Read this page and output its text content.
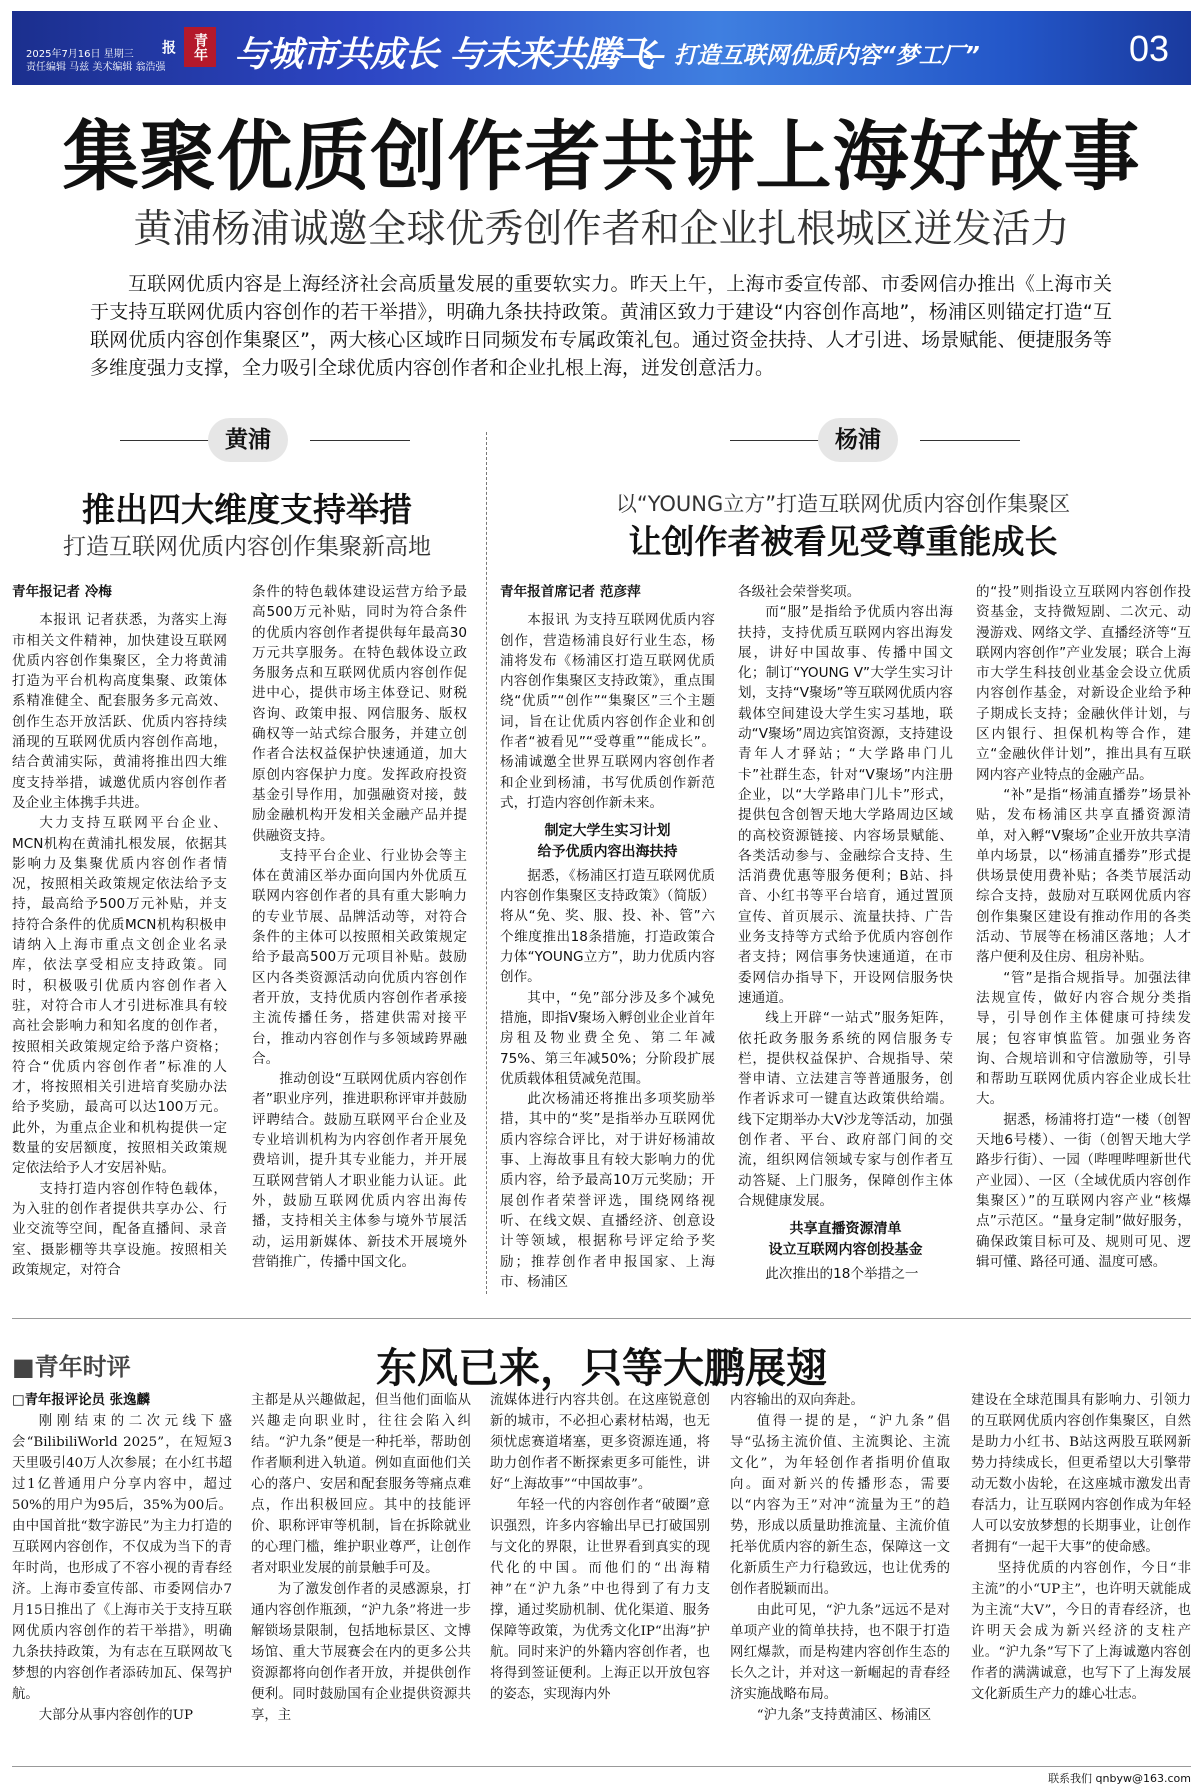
2025年7月16日 星期三
责任编辑 马兹 美术编辑 翁浩强
青年报	与城市共成长 与未来共腾飞
—— 打造互联网优质内容“梦工厂”	03
集聚优质创作者共讲上海好故事
黄浦杨浦诚邀全球优秀创作者和企业扎根城区迸发活力
互联网优质内容是上海经济社会高质量发展的重要软实力。昨天上午，上海市委宣传部、市委网信办推出《上海市关于支持互联网优质内容创作的若干举措》，明确九条扶持政策。黄浦区致力于建设“内容创作高地”，杨浦区则锚定打造“互联网优质内容创作集聚区”，两大核心区域昨日同频发布专属政策礼包。通过资金扶持、人才引进、场景赋能、便捷服务等多维度强力支撑，全力吸引全球优质内容创作者和企业扎根上海，迸发创意活力。
黄浦
推出四大维度支持举措
打造互联网优质内容创作集聚新高地
杨浦
以“YOUNG立方”打造互联网优质内容创作集聚区
让创作者被看见受尊重能成长

青年报记者 冷梅

本报讯 记者获悉，为落实上海市相关文件精神，加快建设互联网优质内容创作集聚区，全力将黄浦打造为平台机构高度集聚、政策体系精准健全、配套服务多元高效、创作生态开放活跃、优质内容持续涌现的互联网优质内容创作高地，结合黄浦实际，黄浦将推出四大维度支持举措，诚邀优质内容创作者及企业主体携手共进。

大力支持互联网平台企业、MCN机构在黄浦扎根发展，依据其影响力及集聚优质内容创作者情况，按照相关政策规定依法给予支持，最高给予500万元补贴，并支持符合条件的优质MCN机构积极申请纳入上海市重点文创企业名录库，依法享受相应支持政策。同时，积极吸引优质内容创作者入驻，对符合市人才引进标准具有较高社会影响力和知名度的创作者，按照相关政策规定给予落户资格；符合“优质内容创作者”标准的人才，将按照相关引进培育奖励办法给予奖励，最高可以达100万元。此外，为重点企业和机构提供一定数量的安居额度，按照相关政策规定依法给予人才安居补贴。

支持打造内容创作特色载体，为入驻的创作者提供共享办公、行业交流等空间，配备直播间、录音室、摄影棚等共享设施。按照相关政策规定，对符合

条件的特色载体建设运营方给予最高500万元补贴，同时为符合条件的优质内容创作者提供每年最高30万元共享服务。在特色载体设立政务服务点和互联网优质内容创作促进中心，提供市场主体登记、财税咨询、政策申报、网信服务、版权确权等一站式综合服务，并建立创作者合法权益保护快速通道，加大原创内容保护力度。发挥政府投资基金引导作用，加强融资对接，鼓励金融机构开发相关金融产品并提供融资支持。

支持平台企业、行业协会等主体在黄浦区举办面向国内外优质互联网内容创作者的具有重大影响力的专业节展、品牌活动等，对符合条件的主体可以按照相关政策规定给予最高500万元项目补贴。鼓励区内各类资源活动向优质内容创作者开放，支持优质内容创作者承接主流传播任务，搭建供需对接平台，推动内容创作与多领域跨界融合。

推动创设“互联网优质内容创作者”职业序列，推进职称评审并鼓励评聘结合。鼓励互联网平台企业及专业培训机构为内容创作者开展免费培训，提升其专业能力，并开展互联网营销人才职业能力认证。此外，鼓励互联网优质内容出海传播，支持相关主体参与境外节展活动，运用新媒体、新技术开展境外营销推广，传播中国文化。

青年报首席记者 范彦萍

本报讯 为支持互联网优质内容创作，营造杨浦良好行业生态，杨浦将发布《杨浦区打造互联网优质内容创作集聚区支持政策》，重点围绕“优质”“创作”“集聚区”三个主题词，旨在让优质内容创作企业和创作者“被看见”“受尊重”“能成长”。杨浦诚邀全世界互联网内容创作者和企业到杨浦，书写优质创作新范式，打造内容创作新未来。

制定大学生实习计划
给予优质内容出海扶持

据悉，《杨浦区打造互联网优质内容创作集聚区支持政策》（简版）将从“免、奖、服、投、补、管”六个维度推出18条措施，打造政策合力体“YOUNG立方”，助力优质内容创作。

其中，“免”部分涉及多个减免措施，即指V聚场入孵创业企业首年房租及物业费全免、第二年减75%、第三年减50%；分阶段扩展优质载体租赁减免范围。

此次杨浦还将推出多项奖励举措，其中的“奖”是指举办互联网优质内容综合评比，对于讲好杨浦故事、上海故事且有较大影响力的优质内容，给予最高10万元奖励；开展创作者荣誉评选，围绕网络视听、在线文娱、直播经济、创意设计等领域，根据称号评定给予奖励；推荐创作者申报国家、上海市、杨浦区

各级社会荣誉奖项。

而“服”是指给予优质内容出海扶持，支持优质互联网内容出海发展，讲好中国故事、传播中国文化；制订“YOUNG V”大学生实习计划，支持“V聚场”等互联网优质内容载体空间建设大学生实习基地，联动“V聚场”周边宾馆资源，支持建设青年人才驿站；“大学路串门儿卡”社群生态，针对“V聚场”内注册企业，以“大学路串门儿卡”形式，提供包含创智天地大学路周边区域的高校资源链接、内容场景赋能、各类活动参与、金融综合支持、生活消费优惠等服务便利；B站、抖音、小红书等平台培育，通过置顶宣传、首页展示、流量扶持、广告业务支持等方式给予优质内容创作者支持；网信事务快速通道，在市委网信办指导下，开设网信服务快速通道。

线上开辟“一站式”服务矩阵，依托政务服务系统的网信服务专栏，提供权益保护、合规指导、荣誉申请、立法建言等普通服务，创作者诉求可一键直达政策供给端。线下定期举办大V沙龙等活动，加强创作者、平台、政府部门间的交流，组织网信领域专家与创作者互动答疑、上门服务，保障创作主体合规健康发展。

共享直播资源清单
设立互联网内容创投基金

此次推出的18个举措之一

的“投”则指设立互联网内容创作投资基金，支持微短剧、二次元、动漫游戏、网络文学、直播经济等“互联网内容创作”产业发展；联合上海市大学生科技创业基金会设立优质内容创作基金，对新设企业给予种子期成长支持；金融伙伴计划，与区内银行、担保机构等合作，建立“金融伙伴计划”，推出具有互联网内容产业特点的金融产品。

“补”是指“杨浦直播券”场景补贴，发布杨浦区共享直播资源清单，对入孵“V聚场”企业开放共享清单内场景，以“杨浦直播券”形式提供场景使用费补贴；各类节展活动综合支持，鼓励对互联网优质内容创作集聚区建设有推动作用的各类活动、节展等在杨浦区落地；人才落户便利及住房、租房补贴。

“管”是指合规指导。加强法律法规宣传，做好内容合规分类指导，引导创作主体健康可持续发展；包容审慎监管。加强业务咨询、合规培训和守信激励等，引导和帮助互联网优质内容企业成长壮大。

据悉，杨浦将打造“一楼（创智天地6号楼）、一街（创智天地大学路步行街）、一园（哔哩哔哩新世代产业园）、一区（全域优质内容创作集聚区）”的互联网内容产业“核爆点”示范区。“量身定制”做好服务，确保政策目标可及、规则可见、逻辑可懂、路径可通、温度可感。

■青年时评	东风已来，只等大鹏展翅

□青年报评论员 张逸麟

刚刚结束的二次元线下盛会“BilibiliWorld 2025”，在短短3天里吸引40万人次参展；在小红书超过1亿普通用户分享内容中，超过50%的用户为95后，35%为00后。由中国首批“数字游民”为主力打造的互联网内容创作，不仅成为当下的青年时尚，也形成了不容小视的青春经济。上海市委宣传部、市委网信办7月15日推出了《上海市关于支持互联网优质内容创作的若干举措》，明确九条扶持政策，为有志在互联网故飞梦想的内容创作者添砖加瓦、保驾护航。

大部分从事内容创作的UP

主都是从兴趣做起，但当他们面临从兴趣走向职业时，往往会陷入纠结。“沪九条”便是一种托举，帮助创作者顺利进入轨道。例如直面他们关心的落户、安居和配套服务等痛点难点，作出积极回应。其中的技能评价、职称评审等机制，旨在拆除就业的心理门槛，维护职业尊严，让创作者对职业发展的前景触手可及。

为了激发创作者的灵感源泉，打通内容创作瓶颈，“沪九条”将进一步解锁场景限制，包括地标景区、文博场馆、重大节展赛会在内的更多公共资源都将向创作者开放，并提供创作便利。同时鼓励国有企业提供资源共享，主

流媒体进行内容共创。在这座锐意创新的城市，不必担心素材枯竭，也无须忧虑赛道堵塞，更多资源连通，将助力创作者不断探索更多可能性，讲好“上海故事”“中国故事”。

年轻一代的内容创作者“破圈”意识强烈，许多内容输出早已打破国别与文化的界限，让世界看到真实的现代化的中国。而他们的“出海精神”在“沪九条”中也得到了有力支撑，通过奖励机制、优化渠道、服务保障等政策，为优秀文化IP“出海”护航。同时来沪的外籍内容创作者，也将得到签证便利。上海正以开放包容的姿态，实现海内外

内容输出的双向奔赴。

值得一提的是，“沪九条”倡导“弘扬主流价值、主流舆论、主流文化”，为年轻创作者指明价值取向。面对新兴的传播形态，需要以“内容为王”对冲“流量为王”的趋势，形成以质量助推流量、主流价值托举优质内容的新生态，保障这一文化新质生产力行稳致远，也让优秀的创作者脱颖而出。

由此可见，“沪九条”远远不是对单项产业的简单扶持，也不限于打造网红爆款，而是构建内容创作生态的长久之计，并对这一新崛起的青春经济实施战略布局。

“沪九条”支持黄浦区、杨浦区

建设在全球范围具有影响力、引领力的互联网优质内容创作集聚区，自然是助力小红书、B站这两股互联网新势力持续成长，但更希望以大引擎带动无数小齿轮，在这座城市激发出青春活力，让互联网内容创作成为年轻人可以安放梦想的长期事业，让创作者拥有“一起干大事”的使命感。

坚持优质的内容创作，今日“非主流”的小“UP主”，也许明天就能成为主流“大V”，今日的青春经济，也许明天会成为新兴经济的支柱产业。“沪九条”写下了上海诚邀内容创作者的满满诚意，也写下了上海发展文化新质生产力的雄心壮志。

联系我们 qnbyw@163.com
